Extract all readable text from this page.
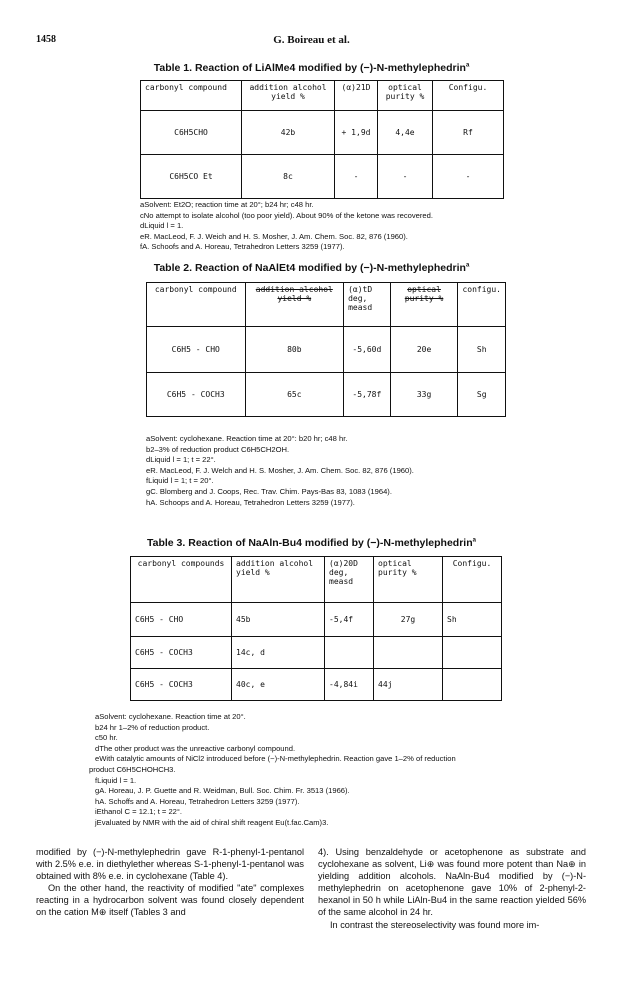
1458	G. Boireau et al.
Table 1. Reaction of LiAlMe4 modified by (−)-N-methylephedrin$^a$
carbonyl compound	addition alcohol yield %	(α)21D	optical purity %	Configu.
C6H5CHO	42b	+ 1,9d	4,4e	Rf
C6H5CO Et	8c	-	-	-
aSolvent: Et2O; reaction time at 20°; b24 hr; c48 hr.
cNo attempt to isolate alcohol (too poor yield). About 90% of the ketone was recovered.
dLiquid l = 1.
eR. MacLeod, F. J. Weich and H. S. Mosher, J. Am. Chem. Soc. 82, 876 (1960).
fA. Schoofs and A. Horeau, Tetrahedron Letters 3259 (1977).
Table 2. Reaction of NaAlEt4 modified by (−)-N-methylephedrin$^a$
carbonyl compound	addition alcohol yield %	(α)tD deg, measd	optical purity %	configu.
C6H5 - CHO	80b	-5,60d	20e	Sh
C6H5 - COCH3	65c	-5,78f	33g	Sg
aSolvent: cyclohexane. Reaction time at 20°: b20 hr; c48 hr.
b2–3% of reduction product C6H5CH2OH.
dLiquid l = 1; t = 22°.
eR. MacLeod, F. J. Welch and H. S. Mosher, J. Am. Chem. Soc. 82, 876 (1960).
fLiquid l = 1; t = 20°.
gC. Blomberg and J. Coops, Rec. Trav. Chim. Pays-Bas 83, 1083 (1964).
hA. Schoops and A. Horeau, Tetrahedron Letters 3259 (1977).
Table 3. Reaction of NaAln-Bu4 modified by (−)-N-methylephedrin$^a$
carbonyl compounds	addition alcohol yield %	(α)20D deg, measd	optical purity %	Configu.
C6H5 - CHO	45b	-5,4f	27g	Sh
C6H5 - COCH3	14c, d			
C6H5 - COCH3	40c, e	-4,84i	44j	
aSolvent: cyclohexane. Reaction time at 20°.
b24 hr 1–2% of reduction product.
c50 hr.
dThe other product was the unreactive carbonyl compound.
eWith catalytic amounts of NiCl2 introduced before (−)-N-methylephedrin. Reaction gave 1–2% of reduction
product C6H5CHOHCH3.
fLiquid l = 1.
gA. Horeau, J. P. Guette and R. Weidman, Bull. Soc. Chim. Fr. 3513 (1966).
hA. Schoffs and A. Horeau, Tetrahedron Letters 3259 (1977).
iEthanol C = 12.1; t = 22°.
jEvaluated by NMR with the aid of chiral shift reagent Eu(t.fac.Cam)3.

modified by (−)-N-methylephedrin gave R-1-phenyl-1-pentanol with 2.5% e.e. in diethylether whereas S-1-phenyl-1-pentanol was obtained with 8% e.e. in cyclohexane (Table 4).

On the other hand, the reactivity of modified "ate" complexes reacting in a hydrocarbon solvent was found closely dependent on the cation M⊕ itself (Tables 3 and

4). Using benzaldehyde or acetophenone as substrate and cyclohexane as solvent, Li⊕ was found more potent than Na⊕ in yielding addition alcohols. NaAln-Bu4 modified by (−)-N-methylephedrin on acetophenone gave 10% of 2-phenyl-2-hexanol in 50 h while LiAln-Bu4 in the same reaction yielded 56% of the same alcohol in 24 hr.

In contrast the stereoselectivity was found more im-
